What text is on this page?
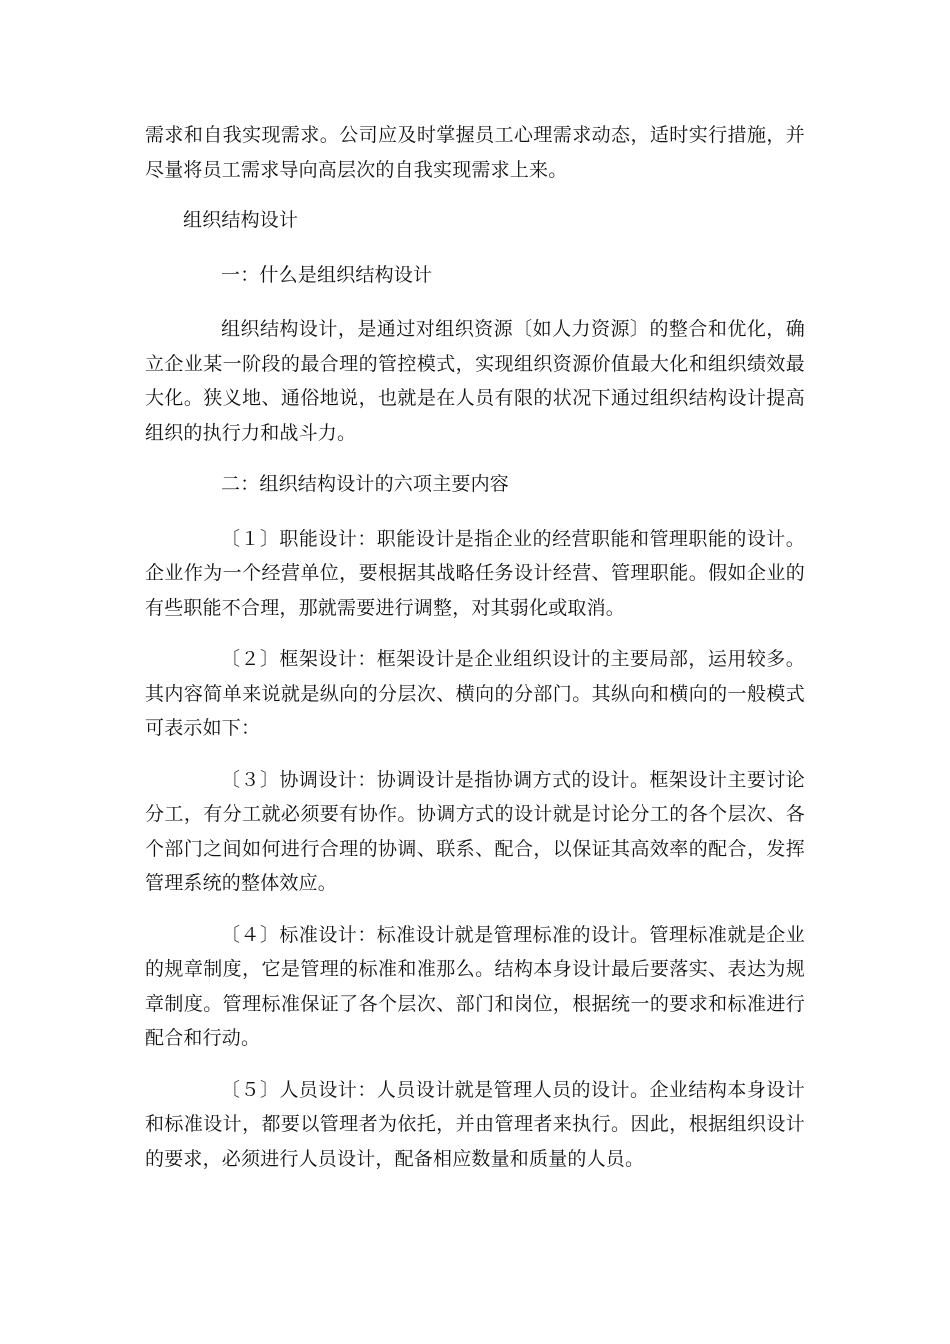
需求和自我实现需求。公司应及时掌握员工心理需求动态，适时实行措施，并尽量将员工需求导向高层次的自我实现需求上来。

组织结构设计

一：什么是组织结构设计

组织结构设计，是通过对组织资源〔如人力资源〕的整合和优化，确立企业某一阶段的最合理的管控模式，实现组织资源价值最大化和组织绩效最大化。狭义地、通俗地说，也就是在人员有限的状况下通过组织结构设计提高组织的执行力和战斗力。

二：组织结构设计的六项主要内容

〔１〕职能设计：职能设计是指企业的经营职能和管理职能的设计。企业作为一个经营单位，要根据其战略任务设计经营、管理职能。假如企业的有些职能不合理，那就需要进行调整，对其弱化或取消。

〔２〕框架设计：框架设计是企业组织设计的主要局部，运用较多。其内容简单来说就是纵向的分层次、横向的分部门。其纵向和横向的一般模式可表示如下：

〔３〕协调设计：协调设计是指协调方式的设计。框架设计主要讨论分工，有分工就必须要有协作。协调方式的设计就是讨论分工的各个层次、各个部门之间如何进行合理的协调、联系、配合，以保证其高效率的配合，发挥管理系统的整体效应。

〔４〕标准设计：标准设计就是管理标准的设计。管理标准就是企业的规章制度，它是管理的标准和准那么。结构本身设计最后要落实、表达为规章制度。管理标准保证了各个层次、部门和岗位，根据统一的要求和标准进行配合和行动。

〔５〕人员设计：人员设计就是管理人员的设计。企业结构本身设计和标准设计，都要以管理者为依托，并由管理者来执行。因此，根据组织设计的要求，必须进行人员设计，配备相应数量和质量的人员。
